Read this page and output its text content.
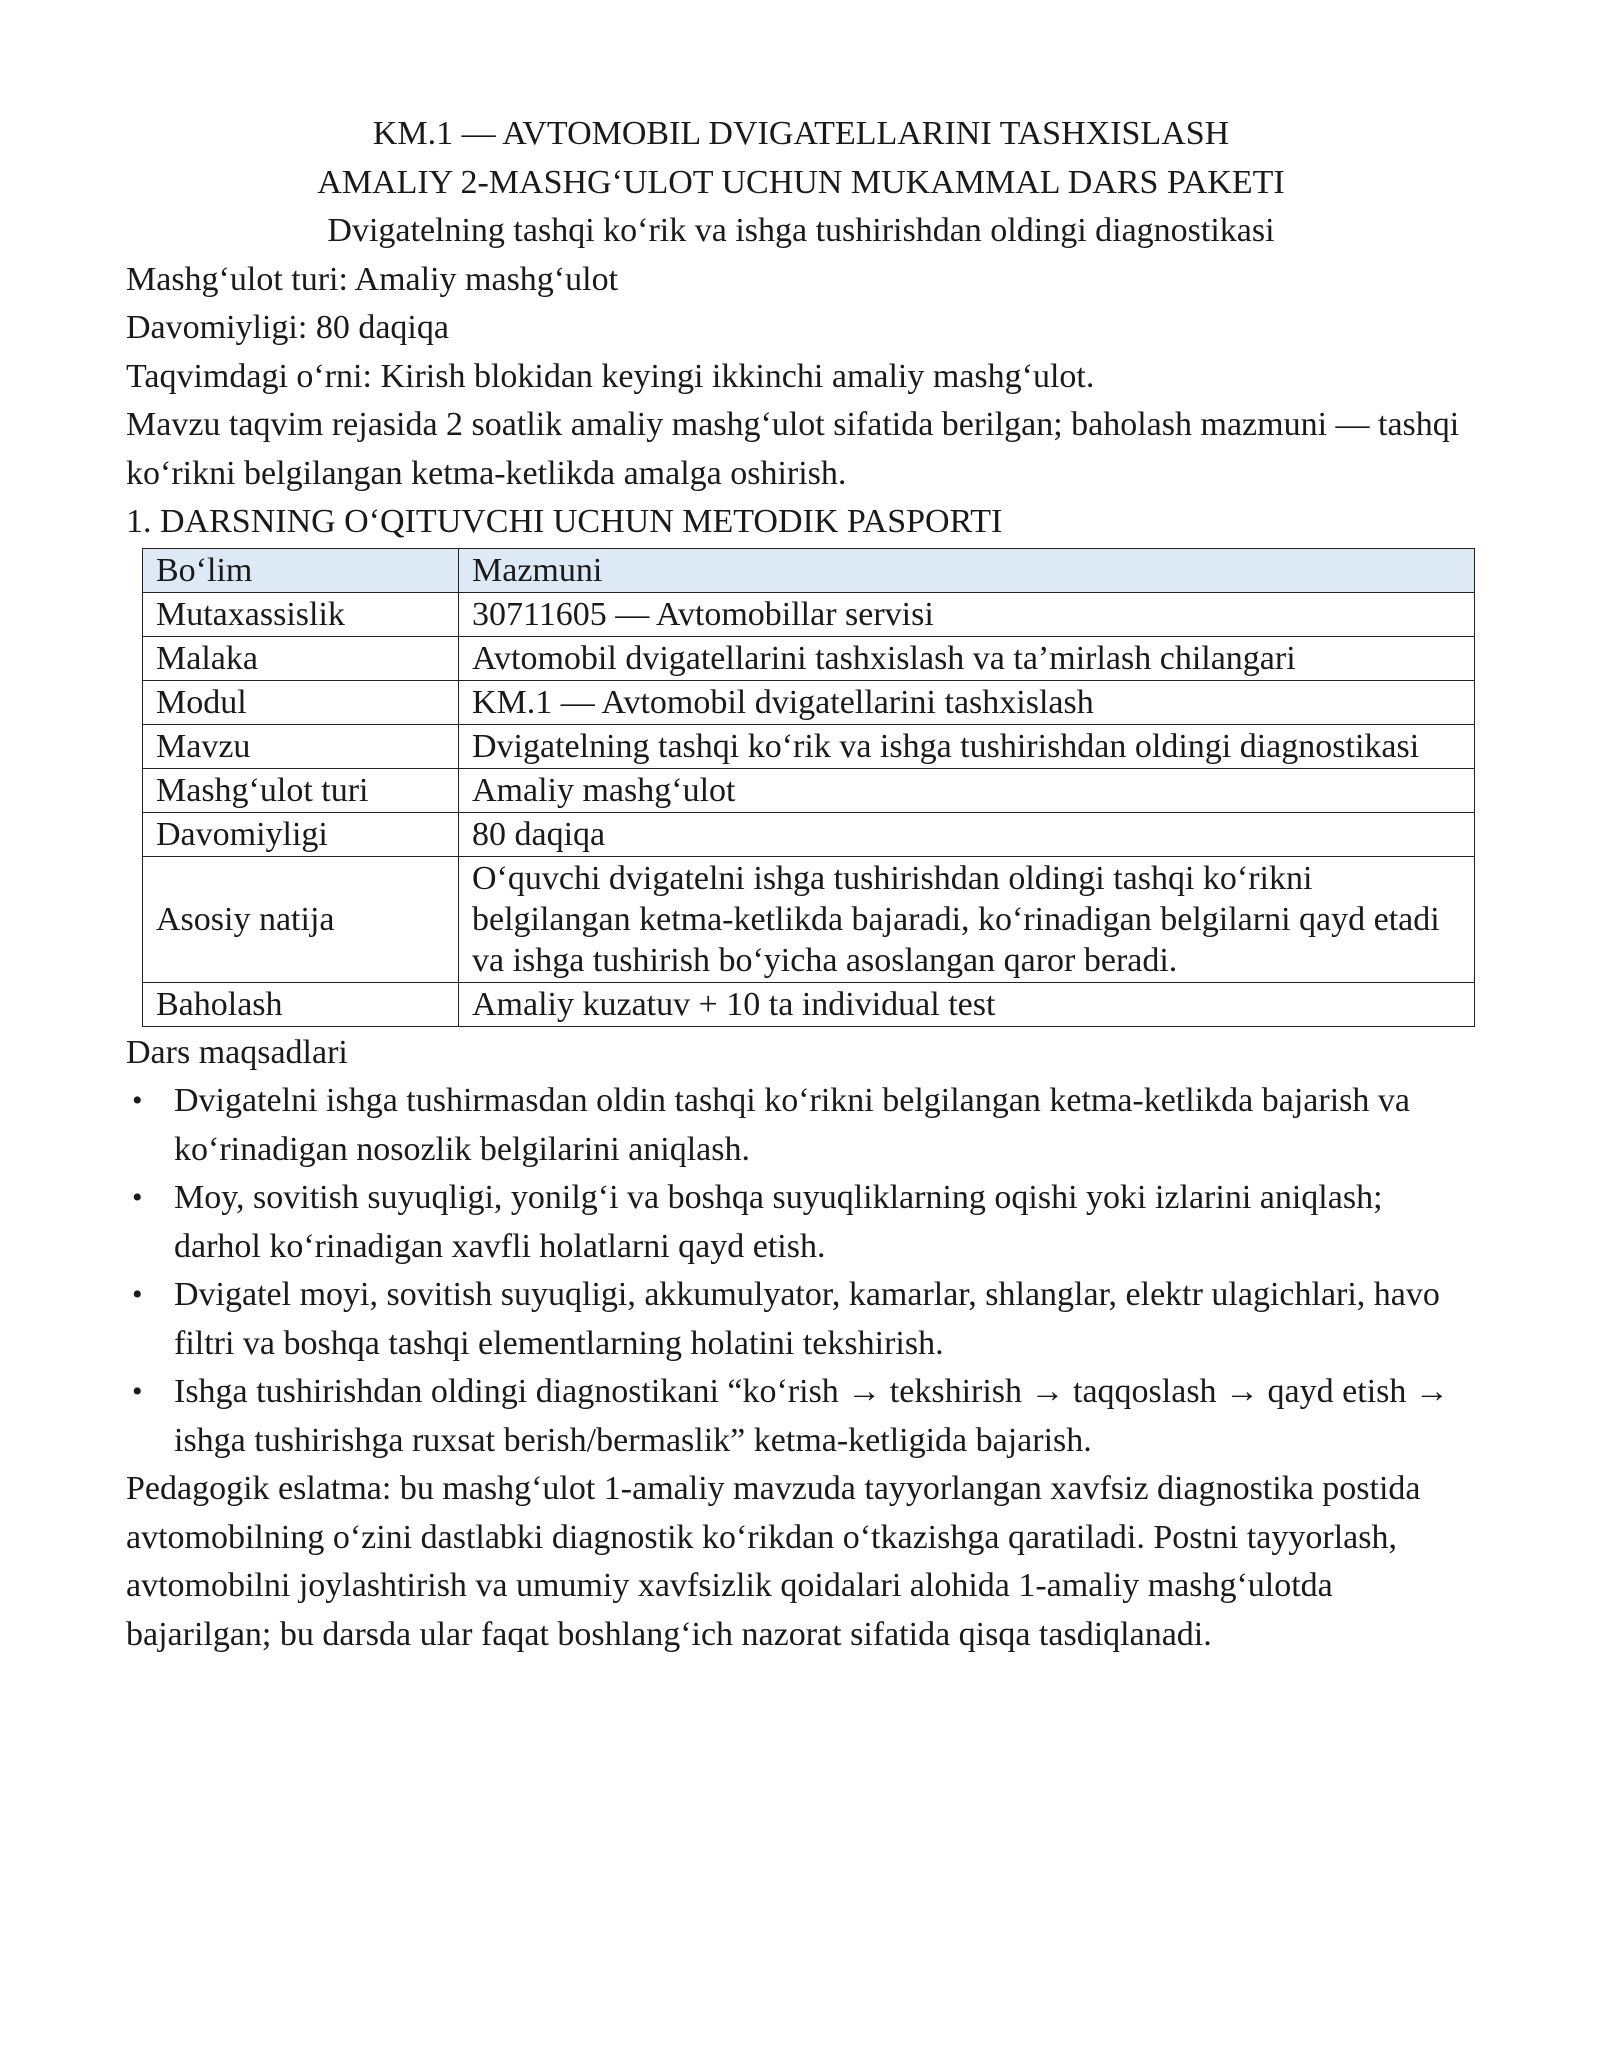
KM.1 — AVTOMOBIL DVIGATELLARINI TASHXISLASH

AMALIY 2-MASHG‘ULOT UCHUN MUKAMMAL DARS PAKETI

Dvigatelning tashqi ko‘rik va ishga tushirishdan oldingi diagnostikasi

Mashg‘ulot turi: Amaliy mashg‘ulot

Davomiyligi: 80 daqiqa

Taqvimdagi o‘rni: Kirish blokidan keyingi ikkinchi amaliy mashg‘ulot.

Mavzu taqvim rejasida 2 soatlik amaliy mashg‘ulot sifatida berilgan; baholash mazmuni — tashqi ko‘rikni belgilangan ketma-ketlikda amalga oshirish.

1. DARSNING O‘QITUVCHI UCHUN METODIK PASPORTI

Bo‘lim	Mazmuni
Mutaxassislik	30711605 — Avtomobillar servisi
Malaka	Avtomobil dvigatellarini tashxislash va ta’mirlash chilangari
Modul	KM.1 — Avtomobil dvigatellarini tashxislash
Mavzu	Dvigatelning tashqi ko‘rik va ishga tushirishdan oldingi diagnostikasi
Mashg‘ulot turi	Amaliy mashg‘ulot
Davomiyligi	80 daqiqa
Asosiy natija	O‘quvchi dvigatelni ishga tushirishdan oldingi tashqi ko‘rikni belgilangan ketma-ketlikda bajaradi, ko‘rinadigan belgilarni qayd etadi va ishga tushirish bo‘yicha asoslangan qaror beradi.
Baholash	Amaliy kuzatuv + 10 ta individual test

Dars maqsadlari

• Dvigatelni ishga tushirmasdan oldin tashqi ko‘rikni belgilangan ketma-ketlikda bajarish va ko‘rinadigan nosozlik belgilarini aniqlash.
• Moy, sovitish suyuqligi, yonilg‘i va boshqa suyuqliklarning oqishi yoki izlarini aniqlash; darhol ko‘rinadigan xavfli holatlarni qayd etish.
• Dvigatel moyi, sovitish suyuqligi, akkumulyator, kamarlar, shlanglar, elektr ulagichlari, havo filtri va boshqa tashqi elementlarning holatini tekshirish.
• Ishga tushirishdan oldingi diagnostikani “ko‘rish → tekshirish → taqqoslash → qayd etish → ishga tushirishga ruxsat berish/bermaslik” ketma-ketligida bajarish.

Pedagogik eslatma: bu mashg‘ulot 1-amaliy mavzuda tayyorlangan xavfsiz diagnostika postida avtomobilning o‘zini dastlabki diagnostik ko‘rikdan o‘tkazishga qaratiladi. Postni tayyorlash, avtomobilni joylashtirish va umumiy xavfsizlik qoidalari alohida 1-amaliy mashg‘ulotda bajarilgan; bu darsda ular faqat boshlang‘ich nazorat sifatida qisqa tasdiqlanadi.
